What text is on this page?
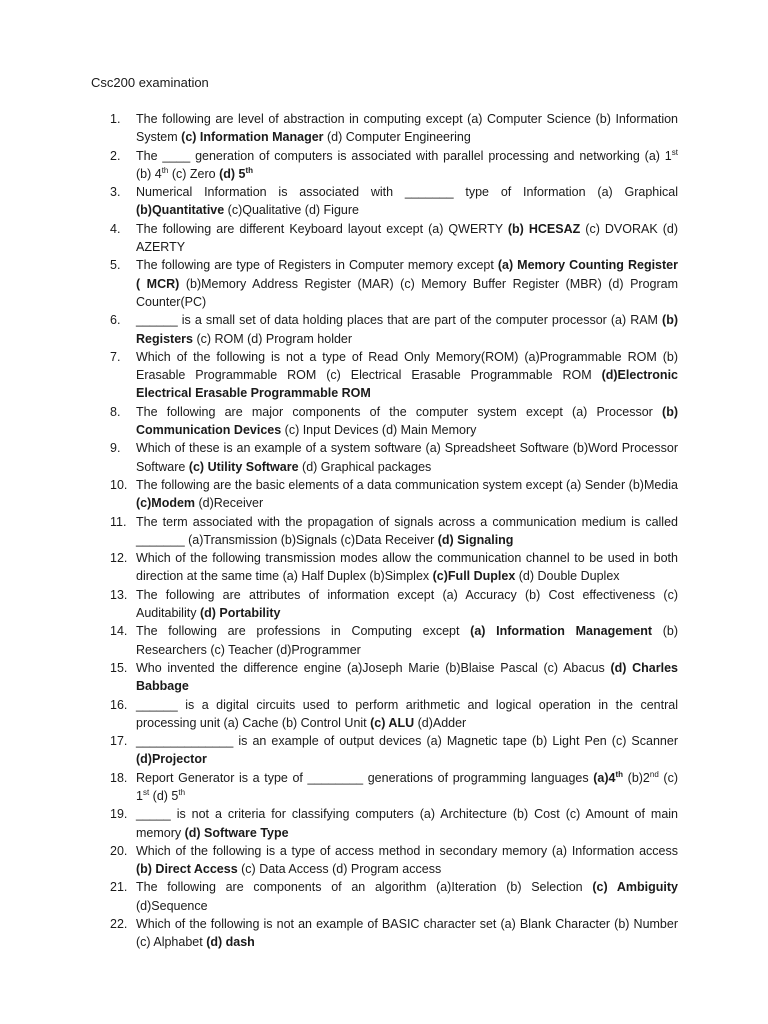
Csc200 examination
1.	The following are level of abstraction in computing except (a) Computer Science (b) Information System (c) Information Manager (d) Computer Engineering
2.	The ____ generation of computers is associated with parallel processing and networking (a) 1st (b) 4th (c) Zero (d) 5th
3.	Numerical Information is associated with _______ type of Information (a) Graphical (b)Quantitative (c)Qualitative (d) Figure
4.	The following are different Keyboard layout except (a) QWERTY (b) HCESAZ (c) DVORAK (d) AZERTY
5.	The following are type of Registers in Computer memory except (a) Memory Counting Register ( MCR) (b)Memory Address Register (MAR) (c) Memory Buffer Register (MBR) (d) Program Counter(PC)
6.	______ is a small set of data holding places that are part of the computer processor (a) RAM (b) Registers (c) ROM (d) Program holder
7.	Which of the following is not a type of Read Only Memory(ROM) (a)Programmable ROM (b) Erasable Programmable ROM (c) Electrical Erasable Programmable ROM (d)Electronic Electrical Erasable Programmable ROM
8.	The following are major components of the computer system except (a) Processor (b) Communication Devices (c) Input Devices (d) Main Memory
9.	Which of these is an example of a system software (a) Spreadsheet Software (b)Word Processor Software (c) Utility Software (d) Graphical packages
10. The following are the basic elements of a data communication system except (a) Sender (b)Media (c)Modem (d)Receiver
11. The term associated with the propagation of signals across a communication medium is called _______ (a)Transmission (b)Signals (c)Data Receiver (d) Signaling
12. Which of the following transmission modes allow the communication channel to be used in both direction at the same time (a) Half Duplex (b)Simplex (c)Full Duplex (d) Double Duplex
13. The following are attributes of information except (a) Accuracy (b) Cost effectiveness (c) Auditability (d) Portability
14. The following are professions in Computing except (a) Information Management (b) Researchers (c) Teacher (d)Programmer
15. Who invented the difference engine (a)Joseph Marie (b)Blaise Pascal (c) Abacus (d) Charles Babbage
16. ______ is a digital circuits used to perform arithmetic and logical operation in the central processing unit (a) Cache (b) Control Unit (c) ALU (d)Adder
17. ______________ is an example of output devices (a) Magnetic tape (b) Light Pen (c) Scanner (d)Projector
18. Report Generator is a type of ________ generations of programming languages (a)4th (b)2nd (c) 1st (d) 5th
19. _____ is not a criteria for classifying computers (a) Architecture (b) Cost (c) Amount of main memory (d) Software Type
20. Which of the following is a type of access method in secondary memory (a) Information access (b) Direct Access (c) Data Access (d) Program access
21. The following are components of an algorithm (a)Iteration (b) Selection (c) Ambiguity (d)Sequence
22. Which of the following is not an example of BASIC character set (a) Blank Character (b) Number (c) Alphabet (d) dash
